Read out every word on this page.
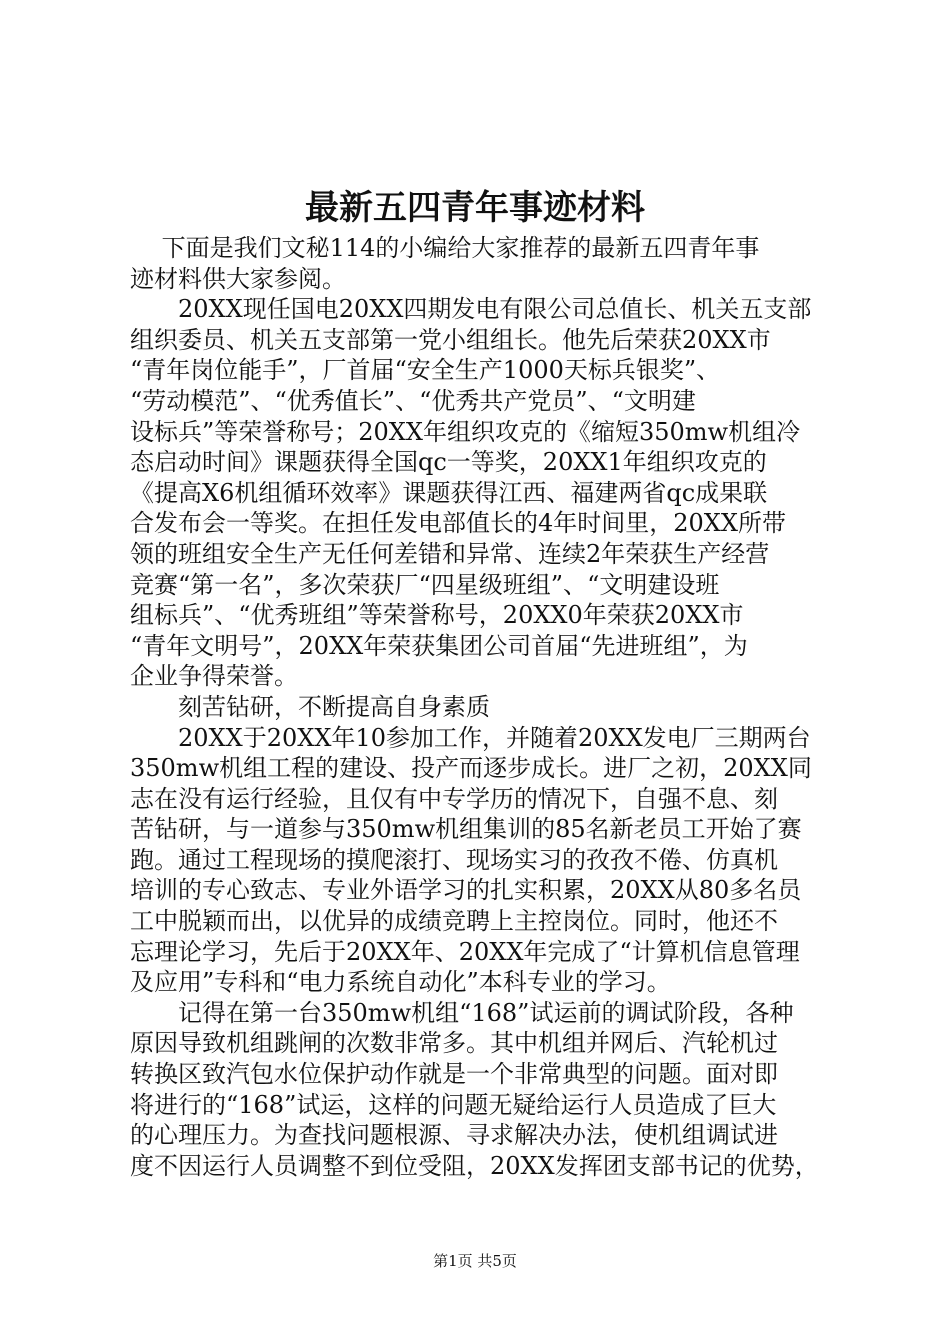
最新五四青年事迹材料
　 下面是我们文秘114的小编给大家推荐的最新五四青年事
迹材料供大家参阅。
　　20XX现任国电20XX四期发电有限公司总值长、机关五支部
组织委员、机关五支部第一党小组组长。他先后荣获20XX市
“青年岗位能手”，厂首届“安全生产1000天标兵银奖”、
“劳动模范”、“优秀值长”、“优秀共产党员”、“文明建
设标兵”等荣誉称号；20XX年组织攻克的《缩短350mw机组冷
态启动时间》课题获得全国qc一等奖，20XX1年组织攻克的
《提高X6机组循环效率》课题获得江西、福建两省qc成果联
合发布会一等奖。在担任发电部值长的4年时间里，20XX所带
领的班组安全生产无任何差错和异常、连续2年荣获生产经营
竞赛“第一名”，多次荣获厂“四星级班组”、“文明建设班
组标兵”、“优秀班组”等荣誉称号，20XX0年荣获20XX市
“青年文明号”，20XX年荣获集团公司首届“先进班组”，为
企业争得荣誉。
　　刻苦钻研，不断提高自身素质
　　20XX于20XX年10参加工作，并随着20XX发电厂三期两台
350mw机组工程的建设、投产而逐步成长。进厂之初，20XX同
志在没有运行经验，且仅有中专学历的情况下，自强不息、刻
苦钻研，与一道参与350mw机组集训的85名新老员工开始了赛
跑。通过工程现场的摸爬滚打、现场实习的孜孜不倦、仿真机
培训的专心致志、专业外语学习的扎实积累，20XX从80多名员
工中脱颖而出，以优异的成绩竞聘上主控岗位。同时，他还不
忘理论学习，先后于20XX年、20XX年完成了“计算机信息管理
及应用”专科和“电力系统自动化”本科专业的学习。
　　记得在第一台350mw机组“168”试运前的调试阶段，各种
原因导致机组跳闸的次数非常多。其中机组并网后、汽轮机过
转换区致汽包水位保护动作就是一个非常典型的问题。面对即
将进行的“168”试运，这样的问题无疑给运行人员造成了巨大
的心理压力。为查找问题根源、寻求解决办法，使机组调试进
度不因运行人员调整不到位受阻，20XX发挥团支部书记的优势，
第1页 共5页
